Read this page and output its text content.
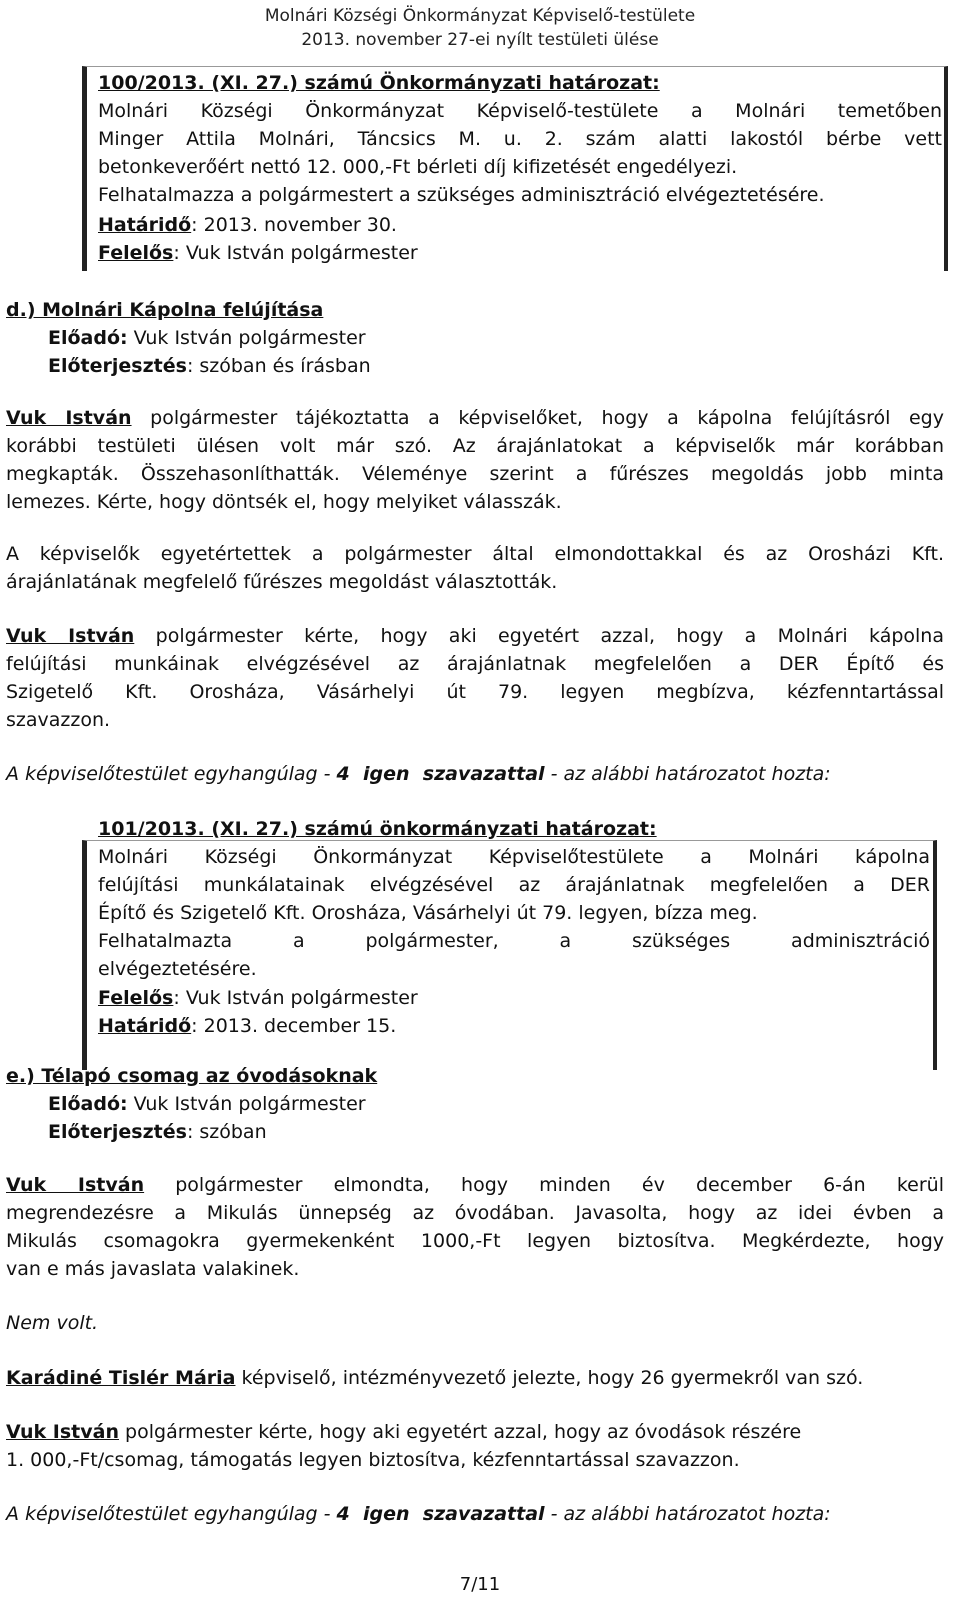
Molnári Községi Önkormányzat Képviselő-testülete
2013. november 27-ei nyílt testületi ülése
100/2013. (XI. 27.) számú Önkormányzati határozat:
Molnári Községi Önkormányzat Képviselő-testülete a Molnári temetőben
Minger Attila Molnári, Táncsics M. u. 2. szám alatti lakostól bérbe vett
betonkeverőért nettó 12. 000,-Ft bérleti díj kifizetését engedélyezi.
Felhatalmazza a polgármestert a szükséges adminisztráció elvégeztetésére.
Határidő: 2013. november 30.
Felelős: Vuk István polgármester
d.) Molnári Kápolna felújítása
Előadó: Vuk István polgármester
Előterjesztés: szóban és írásban
Vuk István polgármester tájékoztatta a képviselőket, hogy a kápolna felújításról egy
korábbi testületi ülésen volt már szó. Az árajánlatokat a képviselők már korábban
megkapták. Összehasonlíthatták. Véleménye szerint a fűrészes megoldás jobb minta
lemezes. Kérte, hogy döntsék el, hogy melyiket válasszák.
A képviselők egyetértettek a polgármester által elmondottakkal és az Orosházi Kft.
árajánlatának megfelelő fűrészes megoldást választották.
Vuk István polgármester kérte, hogy aki egyetért azzal, hogy a Molnári kápolna
felújítási munkáinak elvégzésével az árajánlatnak megfelelően a DER Építő és
Szigetelő Kft. Orosháza, Vásárhelyi út 79. legyen megbízva, kézfenntartással
szavazzon.
A képviselőtestület egyhangúlag - 4  igen  szavazattal - az alábbi határozatot hozta:
101/2013. (XI. 27.) számú önkormányzati határozat:
Molnári Községi Önkormányzat Képviselőtestülete a Molnári kápolna
felújítási munkálatainak elvégzésével az árajánlatnak megfelelően a DER
Építő és Szigetelő Kft. Orosháza, Vásárhelyi út 79. legyen, bízza meg.
Felhatalmazta a polgármester, a szükséges adminisztráció
elvégeztetésére.
Felelős: Vuk István polgármester
Határidő: 2013. december 15.
e.) Télapó csomag az óvodásoknak
Előadó: Vuk István polgármester
Előterjesztés: szóban
Vuk István polgármester elmondta, hogy minden év december 6-án kerül
megrendezésre a Mikulás ünnepség az óvodában. Javasolta, hogy az idei évben a
Mikulás csomagokra gyermekenként 1000,-Ft legyen biztosítva. Megkérdezte, hogy
van e más javaslata valakinek.
Nem volt.
Karádiné Tislér Mária képviselő, intézményvezető jelezte, hogy 26 gyermekről van szó.
Vuk István polgármester kérte, hogy aki egyetért azzal, hogy az óvodások részére
1. 000,-Ft/csomag, támogatás legyen biztosítva, kézfenntartással szavazzon.
A képviselőtestület egyhangúlag - 4  igen  szavazattal - az alábbi határozatot hozta:
7/11
